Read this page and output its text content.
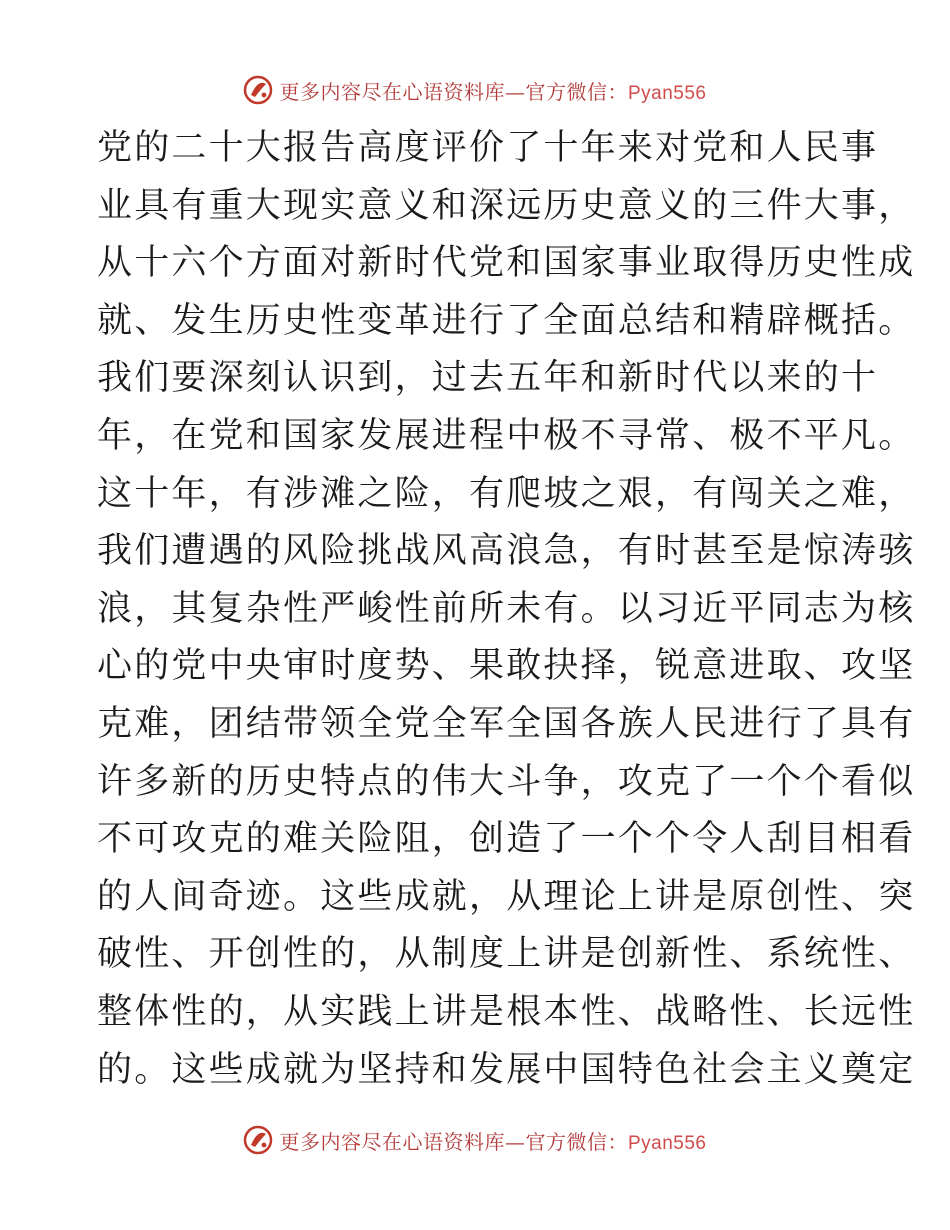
更多内容尽在心语资料库—官方微信：Pyan556
党的二十大报告高度评价了十年来对党和人民事
业具有重大现实意义和深远历史意义的三件大事，
从十六个方面对新时代党和国家事业取得历史性成
就、发生历史性变革进行了全面总结和精辟概括。
我们要深刻认识到，过去五年和新时代以来的十
年，在党和国家发展进程中极不寻常、极不平凡。
这十年，有涉滩之险，有爬坡之艰，有闯关之难，
我们遭遇的风险挑战风高浪急，有时甚至是惊涛骇
浪，其复杂性严峻性前所未有。以习近平同志为核
心的党中央审时度势、果敢抉择，锐意进取、攻坚
克难，团结带领全党全军全国各族人民进行了具有
许多新的历史特点的伟大斗争，攻克了一个个看似
不可攻克的难关险阻，创造了一个个令人刮目相看
的人间奇迹。这些成就，从理论上讲是原创性、突
破性、开创性的，从制度上讲是创新性、系统性、
整体性的，从实践上讲是根本性、战略性、长远性
的。这些成就为坚持和发展中国特色社会主义奠定
更多内容尽在心语资料库—官方微信：Pyan556
